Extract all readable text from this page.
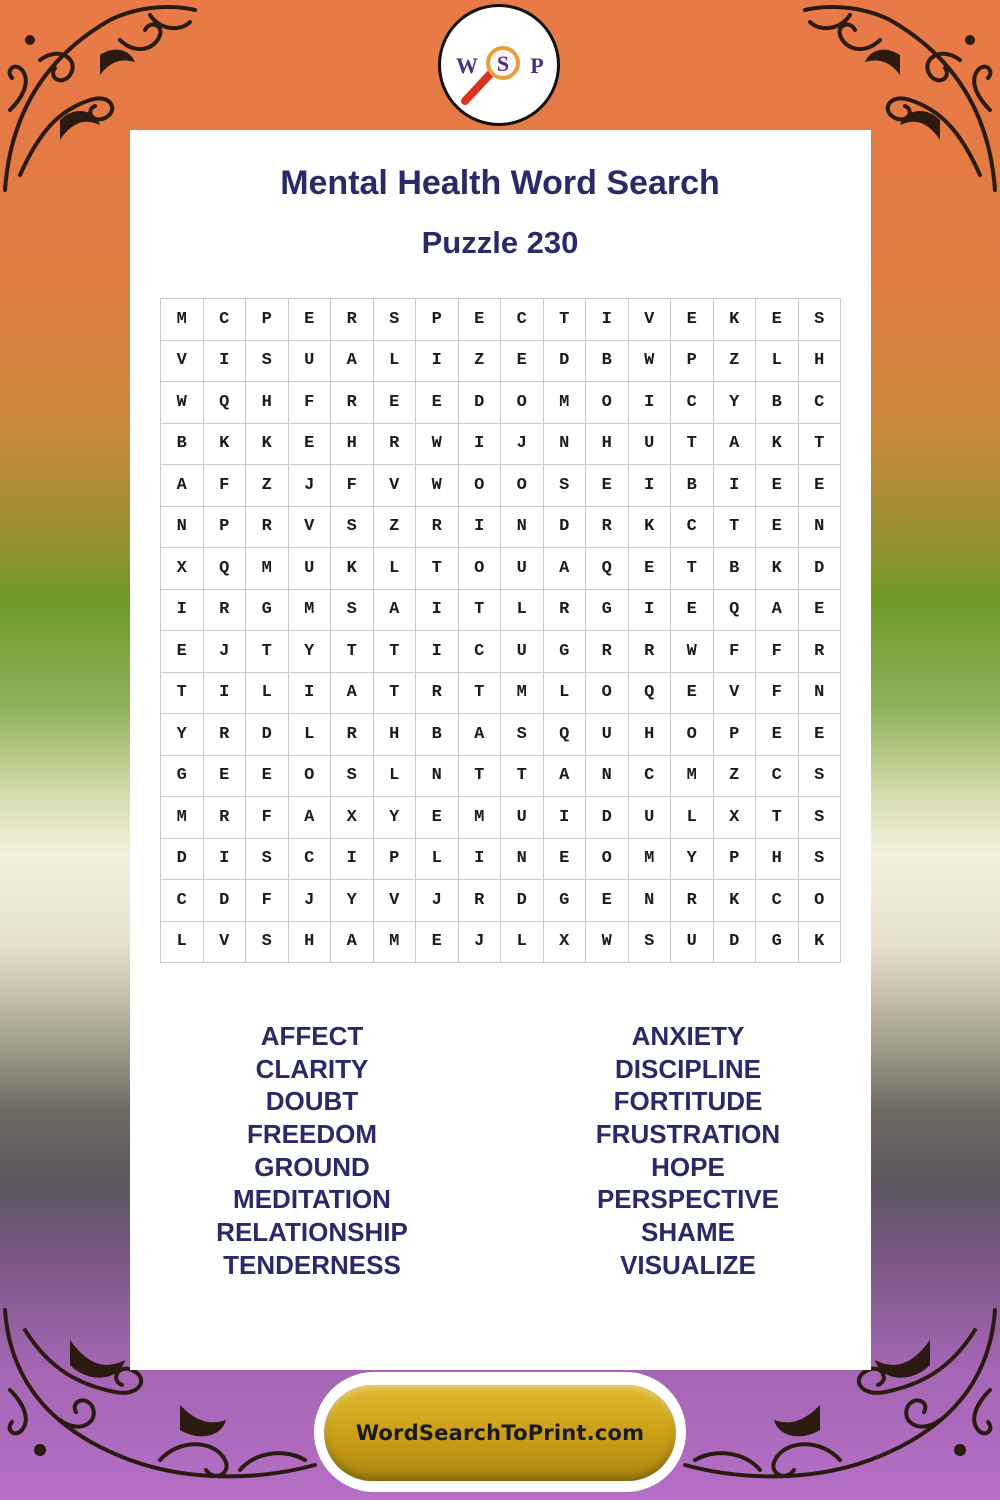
W S P
Mental Health Word Search
Puzzle 230
M	C	P	E	R	S	P	E	C	T	I	V	E	K	E	S
V	I	S	U	A	L	I	Z	E	D	B	W	P	Z	L	H
W	Q	H	F	R	E	E	D	O	M	O	I	C	Y	B	C
B	K	K	E	H	R	W	I	J	N	H	U	T	A	K	T
A	F	Z	J	F	V	W	O	O	S	E	I	B	I	E	E
N	P	R	V	S	Z	R	I	N	D	R	K	C	T	E	N
X	Q	M	U	K	L	T	O	U	A	Q	E	T	B	K	D
I	R	G	M	S	A	I	T	L	R	G	I	E	Q	A	E
E	J	T	Y	T	T	I	C	U	G	R	R	W	F	F	R
T	I	L	I	A	T	R	T	M	L	O	Q	E	V	F	N
Y	R	D	L	R	H	B	A	S	Q	U	H	O	P	E	E
G	E	E	O	S	L	N	T	T	A	N	C	M	Z	C	S
M	R	F	A	X	Y	E	M	U	I	D	U	L	X	T	S
D	I	S	C	I	P	L	I	N	E	O	M	Y	P	H	S
C	D	F	J	Y	V	J	R	D	G	E	N	R	K	C	O
L	V	S	H	A	M	E	J	L	X	W	S	U	D	G	K
AFFECT
CLARITY
DOUBT
FREEDOM
GROUND
MEDITATION
RELATIONSHIP
TENDERNESS
ANXIETY
DISCIPLINE
FORTITUDE
FRUSTRATION
HOPE
PERSPECTIVE
SHAME
VISUALIZE
WordSearchToPrint.com
